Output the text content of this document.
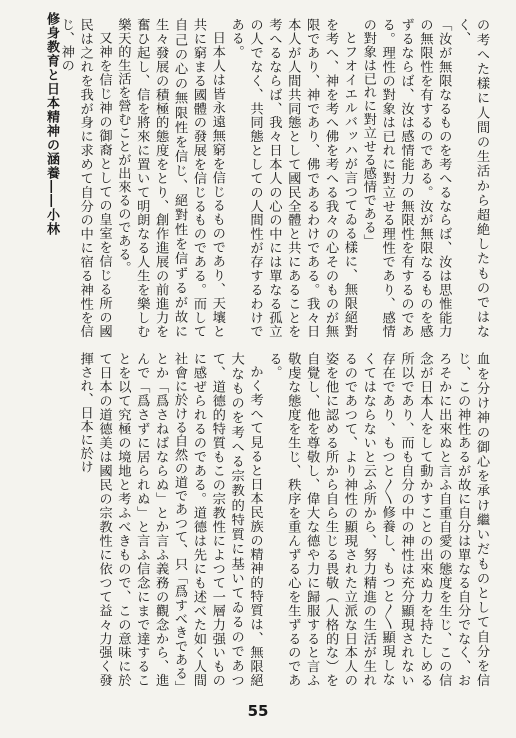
修身教育と日本精神の涵養――小林	の考へた樣に人間の生活から超絶したものではなく、

「汝が無限なるものを考へるならば、汝は思惟能力の無限性を有するのである。汝が無限なるものを感ずるならば、汝は感情能力の無限性を有するのである。理性の對象は已れに對立せる理性であり、感情の對象は已れに對立せる感情である」

とフオイエルバッハが言つてゐる樣に、無限絕對を考へ、神を考へ佛を考へる我々の心そのものが無限であり、神であり、佛であるわけである。我々日本人が人間共同態として國民全體と共にあることを考へるならば、我々日本人の心の中には單なる孤立の人でなく、共同態としての人間性が存するわけである。

日本人は皆永遠無窮を信じるものであり、天壤と共に窮まる國體の發展を信じるものである。而して自己の心の無限性を信じ、絕對性を信ずるが故に生々發展の積極的態度をとり、創作進展の前進力を奮ひ起し、信を將來に置いて明朗なる人生を樂しむ樂天的生活を營むことが出來るのである。

又神を信じ神の御裔としての皇室を信じる所の國民は之れを我が身に求めて自分の中に宿る神性を信じ、神の

血を分け神の御心を承け繼いだものとして自分を信じ、この神性あるが故に自分は單なる自分でなく、おろそかに出來ぬと言ふ自重自愛の態度を生じ、この信念が日本人をして動かすことの出來ぬ力を持たしめる所以であり、而も自分の中の神性は充分顯現されない存在であり、もつと〳〵修養し、もつと〳〵顯現しなくてはならないと云ふ所から、努力精進の生活が生れるのであつて、より神性の顯現された立派な日本人の姿を他に認める所から自ら生じる畏敬（人格的な）を自覺し、他を尊敬し、偉大な德や力に歸服すると言ふ敬虔な態度を生じ、秩序を重んずる心を生ずるのである。

かく考へて見ると日本民族の精神的特質は、無限絕大なものを考へる宗教的特質に基いてゐるのであつて、道德的特質もこの宗教性によつて一層力强いものに感ぜられるのである。道德は先にも述べた如く人間社會に於ける自然の道であつて、只「爲すべきである」とか「爲さねばならぬ」とか言ふ義務の觀念から、進んで「爲さずに居られぬ」と言ふ信念にまで達することを以て究極の境地と考ふべきもので、この意味に於て日本の道德美は國民の宗教性に依つて益々力强く發揮され、日本に於け

55
